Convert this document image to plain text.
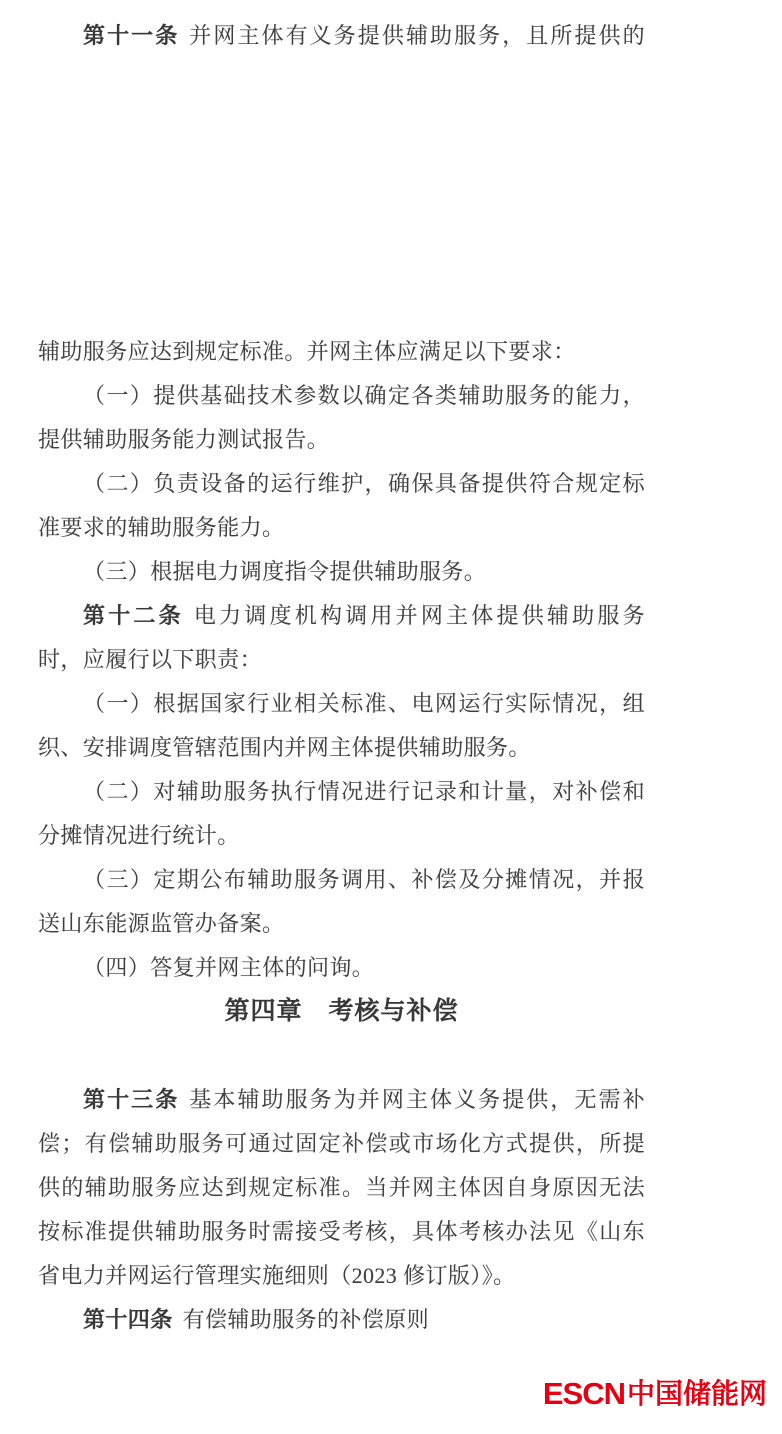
第十一条 并网主体有义务提供辅助服务，且所提供的
辅助服务应达到规定标准。并网主体应满足以下要求：
（一）提供基础技术参数以确定各类辅助服务的能力，
提供辅助服务能力测试报告。
（二）负责设备的运行维护，确保具备提供符合规定标
准要求的辅助服务能力。
（三）根据电力调度指令提供辅助服务。
第十二条 电力调度机构调用并网主体提供辅助服务
时，应履行以下职责：
（一）根据国家行业相关标准、电网运行实际情况，组
织、安排调度管辖范围内并网主体提供辅助服务。
（二）对辅助服务执行情况进行记录和计量，对补偿和
分摊情况进行统计。
（三）定期公布辅助服务调用、补偿及分摊情况，并报
送山东能源监管办备案。
（四）答复并网主体的问询。
第四章　考核与补偿
第十三条 基本辅助服务为并网主体义务提供，无需补
偿；有偿辅助服务可通过固定补偿或市场化方式提供，所提
供的辅助服务应达到规定标准。当并网主体因自身原因无法
按标准提供辅助服务时需接受考核，具体考核办法见《山东
省电力并网运行管理实施细则（2023 修订版）》。
第十四条 有偿辅助服务的补偿原则
ESCN中国储能网
